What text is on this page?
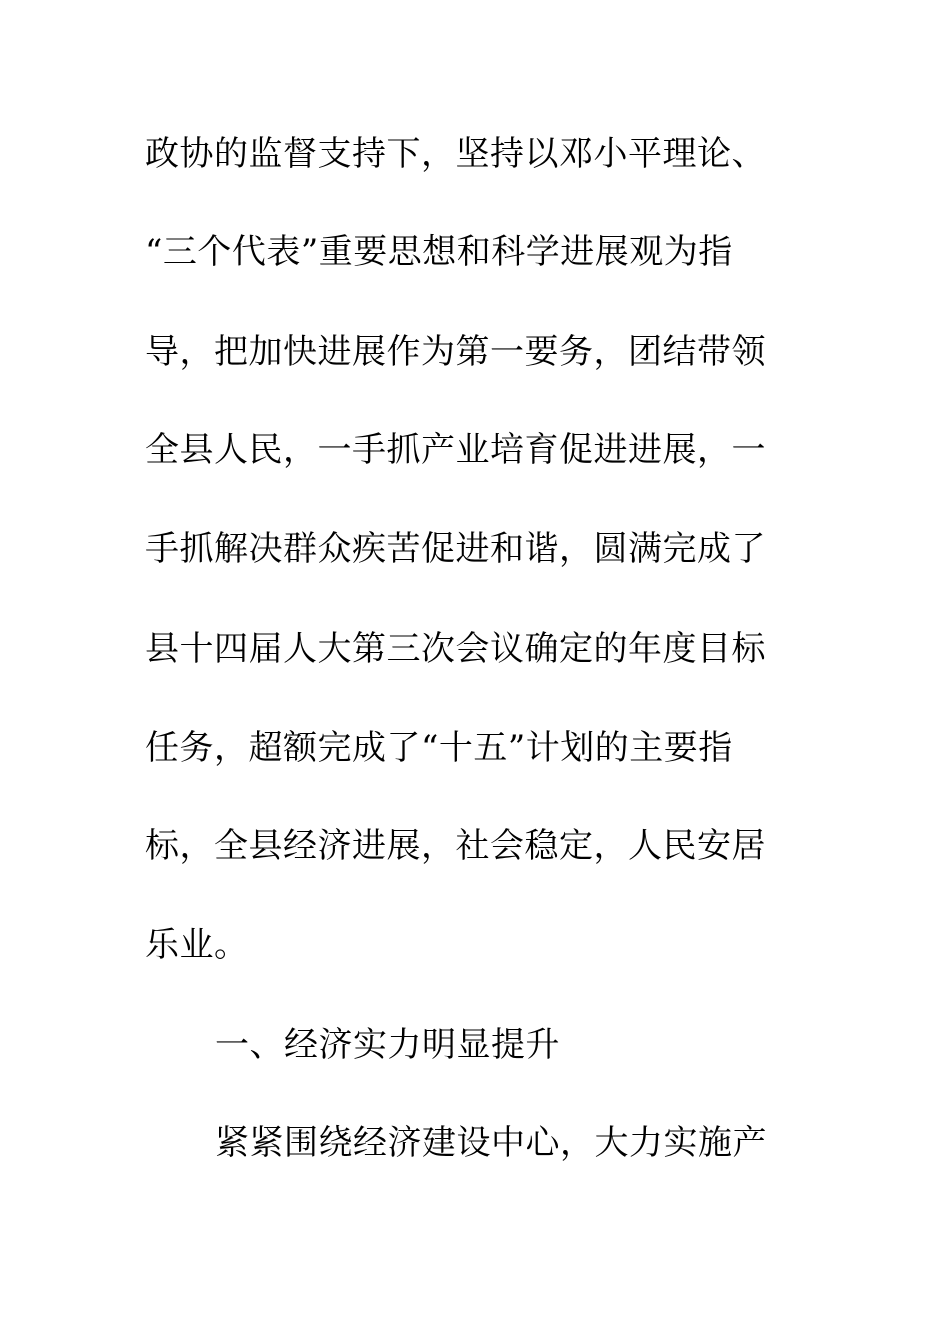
政协的监督支持下，坚持以邓小平理论、
“三个代表”重要思想和科学进展观为指
导，把加快进展作为第一要务，团结带领
全县人民，一手抓产业培育促进进展，一
手抓解决群众疾苦促进和谐，圆满完成了
县十四届人大第三次会议确定的年度目标
任务，超额完成了“十五”计划的主要指
标，全县经济进展，社会稳定，人民安居
乐业。
一、经济实力明显提升
紧紧围绕经济建设中心，大力实施产
